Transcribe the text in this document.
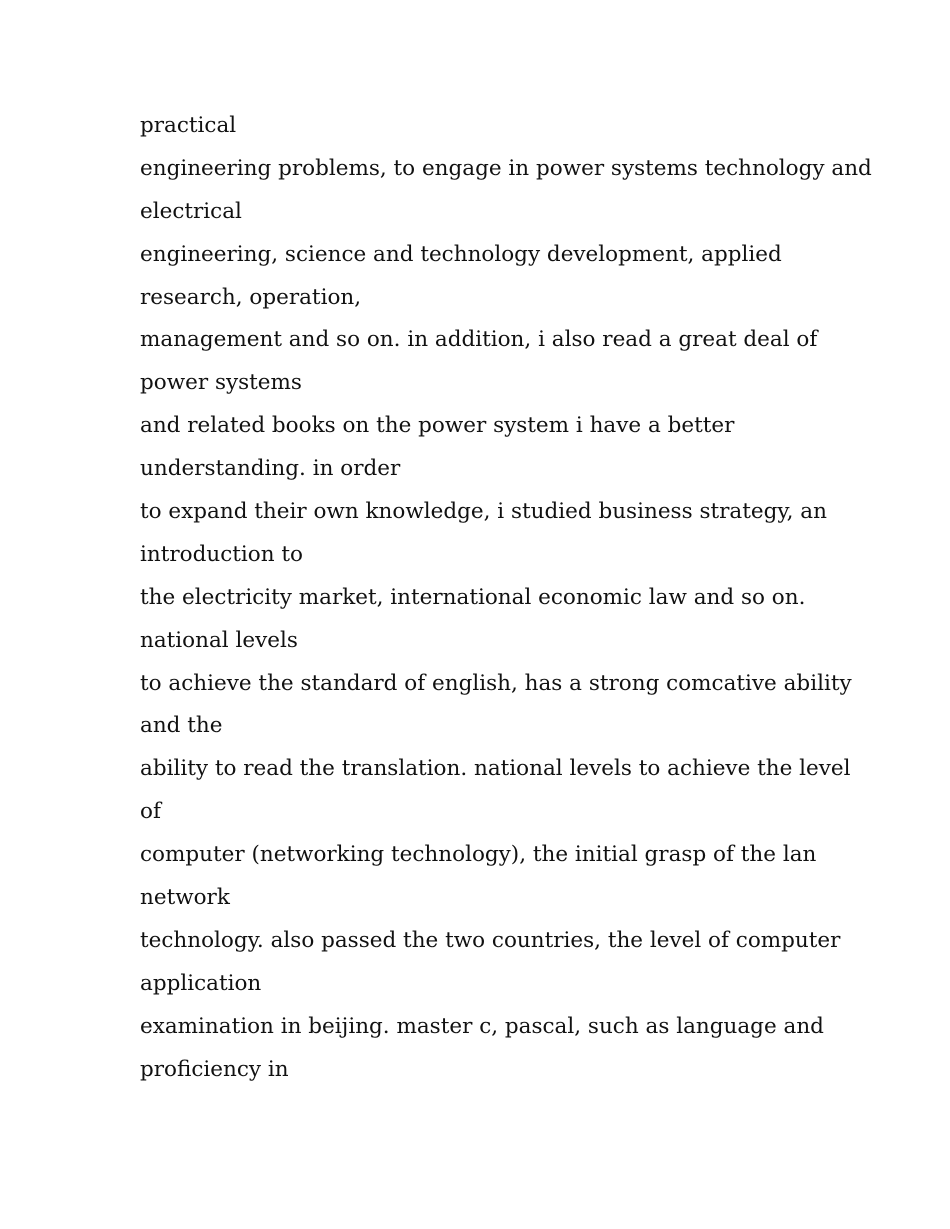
practical
engineering problems, to engage in power systems technology and
electrical
engineering, science and technology development, applied
research, operation,
management and so on. in addition, i also read a great deal of
power systems
and related books on the power system i have a better
understanding. in order
to expand their own knowledge, i studied business strategy, an
introduction to
the electricity market, international economic law and so on.
national levels
to achieve the standard of english, has a strong comcative ability
and the
ability to read the translation. national levels to achieve the level
of
computer (networking technology), the initial grasp of the lan
network
technology. also passed the two countries, the level of computer
application
examination in beijing. master c, pascal, such as language and
proficiency in
